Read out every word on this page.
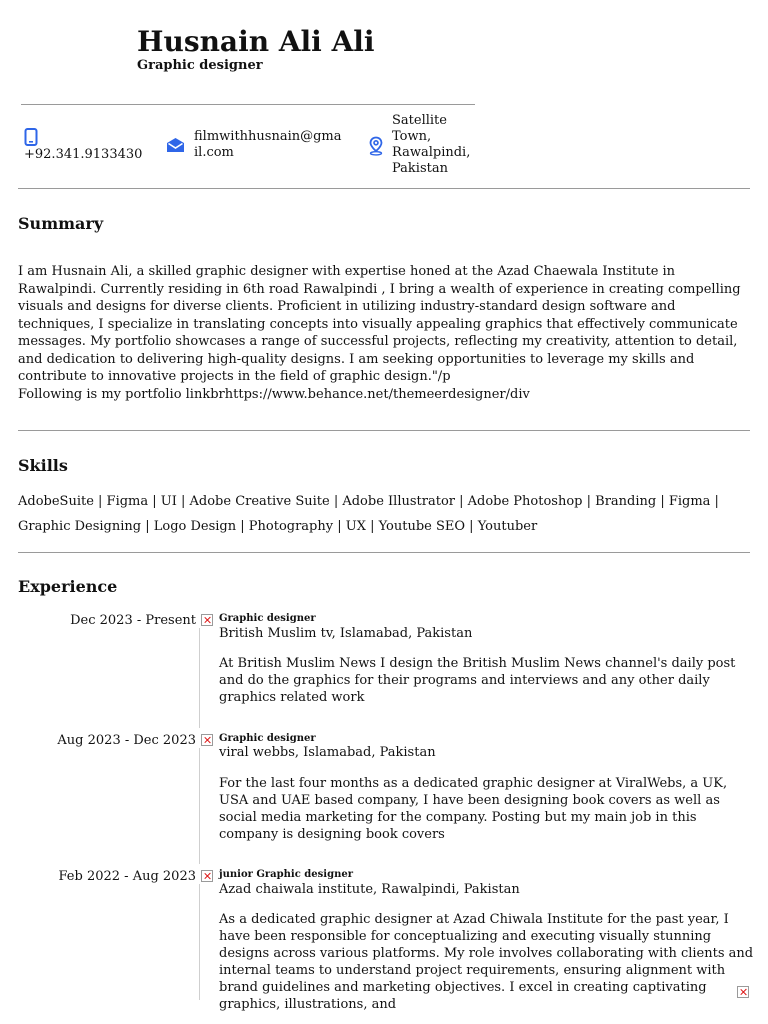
Husnain Ali Ali
Graphic designer
+92.341.9133430
filmwithhusnain@gma il.com
Satellite Town, Rawalpindi, Pakistan
Summary
I am Husnain Ali, a skilled graphic designer with expertise honed at the Azad Chaewala Institute in Rawalpindi. Currently residing in 6th road Rawalpindi , I bring a wealth of experience in creating compelling visuals and designs for diverse clients. Proficient in utilizing industry-standard design software and techniques, I specialize in translating concepts into visually appealing graphics that effectively communicate messages. My portfolio showcases a range of successful projects, reflecting my creativity, attention to detail, and dedication to delivering high-quality designs. I am seeking opportunities to leverage my skills and contribute to innovative projects in the field of graphic design."/p
Following is my portfolio linkbrhttps://www.behance.net/themeerdesigner/div
Skills
AdobeSuite | Figma | UI | Adobe Creative Suite | Adobe Illustrator | Adobe Photoshop | Branding | Figma | Graphic Designing | Logo Design | Photography | UX | Youtube SEO | Youtuber
Experience
Dec 2023 - Present Graphic designer
British Muslim tv, Islamabad, Pakistan
At British Muslim News I design the British Muslim News channel's daily post and do the graphics for their programs and interviews and any other daily graphics related work
Aug 2023 - Dec 2023 Graphic designer
viral webbs, Islamabad, Pakistan
For the last four months as a dedicated graphic designer at ViralWebs, a UK, USA and UAE based company, I have been designing book covers as well as social media marketing for the company. Posting but my main job in this company is designing book covers
Feb 2022 - Aug 2023 junior Graphic designer
Azad chaiwala institute, Rawalpindi, Pakistan
As a dedicated graphic designer at Azad Chiwala Institute for the past year, I have been responsible for conceptualizing and executing visually stunning designs across various platforms. My role involves collaborating with clients and internal teams to understand project requirements, ensuring alignment with brand guidelines and marketing objectives. I excel in creating captivating graphics, illustrations, and
